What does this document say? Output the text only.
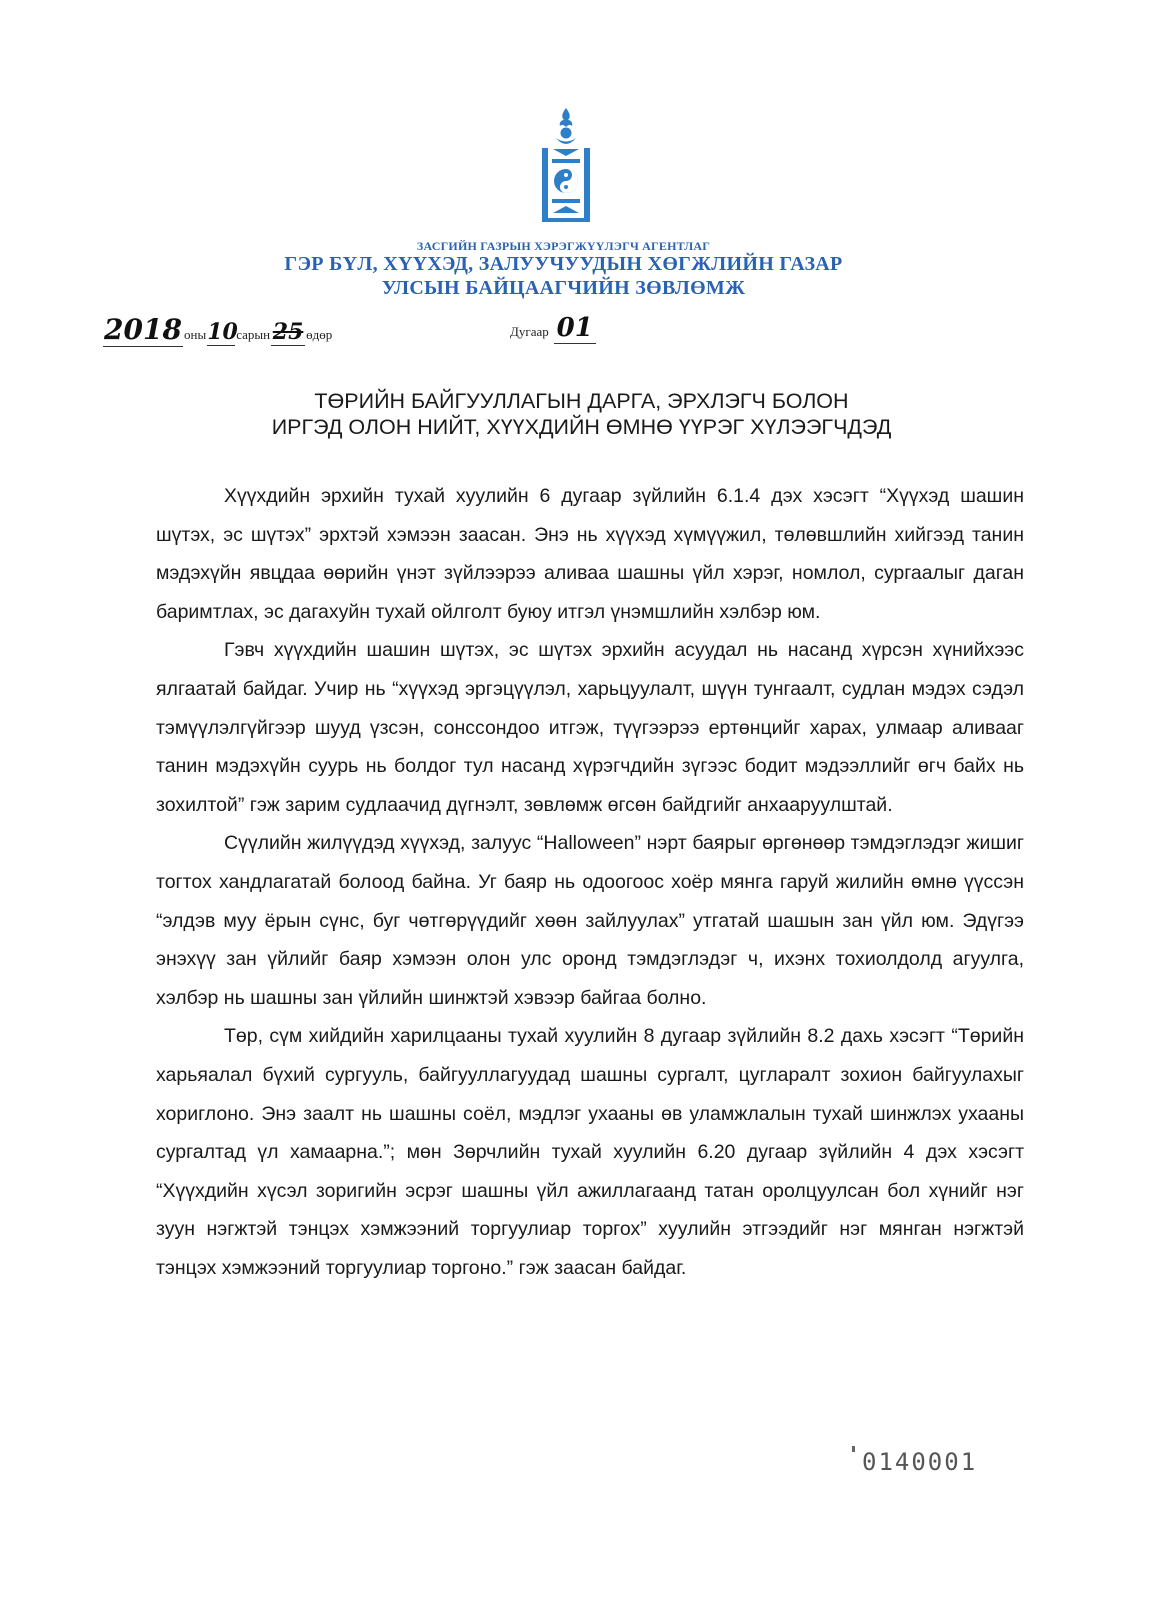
ЗАСГИЙН ГАЗРЫН ХЭРЭГЖҮҮЛЭГЧ АГЕНТЛАГ
ГЭР БҮЛ, ХҮҮХЭД, ЗАЛУУЧУУДЫН ХӨГЖЛИЙН ГАЗАР
УЛСЫН БАЙЦААГЧИЙН ЗӨВЛӨМЖ
2018 оны10сарын 25 өдөр	Дугаар 01
ТӨРИЙН БАЙГУУЛЛАГЫН ДАРГА, ЭРХЛЭГЧ БОЛОН
ИРГЭД ОЛОН НИЙТ, ХҮҮХДИЙН ӨМНӨ ҮҮРЭГ ХҮЛЭЭГЧДЭД

Хүүхдийн эрхийн тухай хуулийн 6 дугаар зүйлийн 6.1.4 дэх хэсэгт “Хүүхэд шашин шүтэх, эс шүтэх” эрхтэй хэмээн заасан. Энэ нь хүүхэд хүмүүжил, төлөвшлийн хийгээд танин мэдэхүйн явцдаа өөрийн үнэт зүйлээрээ аливаа шашны үйл хэрэг, номлол, сургаалыг даган баримтлах, эс дагахуйн тухай ойлголт буюу итгэл үнэмшлийн хэлбэр юм.

Гэвч хүүхдийн шашин шүтэх, эс шүтэх эрхийн асуудал нь насанд хүрсэн хүнийхээс ялгаатай байдаг. Учир нь “хүүхэд эргэцүүлэл, харьцуулалт, шүүн тунгаалт, судлан мэдэх сэдэл тэмүүлэлгүйгээр шууд үзсэн, сонссондоо итгэж, түүгээрээ ертөнцийг харах, улмаар аливааг танин мэдэхүйн суурь нь болдог тул насанд хүрэгчдийн зүгээс бодит мэдээллийг өгч байх нь зохилтой” гэж зарим судлаачид дүгнэлт, зөвлөмж өгсөн байдгийг анхааруулштай.

Сүүлийн жилүүдэд хүүхэд, залуус “Halloween” нэрт баярыг өргөнөөр тэмдэглэдэг жишиг тогтох хандлагатай болоод байна. Уг баяр нь одоогоос хоёр мянга гаруй жилийн өмнө үүссэн “элдэв муу ёрын сүнс, буг чөтгөрүүдийг хөөн зайлуулах” утгатай шашын зан үйл юм. Эдүгээ энэхүү зан үйлийг баяр хэмээн олон улс оронд тэмдэглэдэг ч, ихэнх тохиолдолд агуулга, хэлбэр нь шашны зан үйлийн шинжтэй хэвээр байгаа болно.

Төр, сүм хийдийн харилцааны тухай хуулийн 8 дугаар зүйлийн 8.2 дахь хэсэгт “Төрийн харьяалал бүхий сургууль, байгууллагуудад шашны сургалт, цугларалт зохион байгуулахыг хориглоно. Энэ заалт нь шашны соёл, мэдлэг ухааны өв уламжлалын тухай шинжлэх ухааны сургалтад үл хамаарна.”; мөн Зөрчлийн тухай хуулийн 6.20 дугаар зүйлийн 4 дэх хэсэгт “Хүүхдийн хүсэл зоригийн эсрэг шашны үйл ажиллагаанд татан оролцуулсан бол хүнийг нэг зуун нэгжтэй тэнцэх хэмжээний торгуулиар торгох” хуулийн этгээдийг нэг мянган нэгжтэй тэнцэх хэмжээний торгуулиар торгоно.” гэж заасан байдаг.

0140001
